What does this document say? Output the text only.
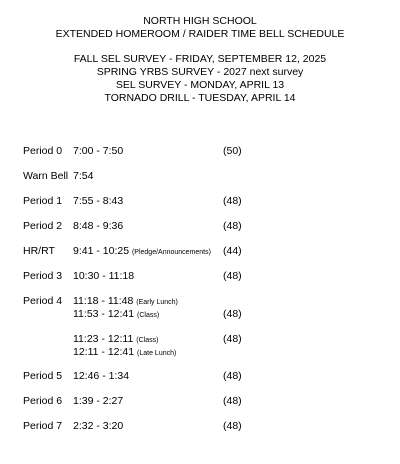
NORTH HIGH SCHOOL
EXTENDED HOMEROOM / RAIDER TIME BELL SCHEDULE
FALL SEL SURVEY - FRIDAY, SEPTEMBER 12, 2025
SPRING YRBS SURVEY - 2027 next survey
SEL SURVEY - MONDAY, APRIL 13
TORNADO DRILL - TUESDAY, APRIL 14
Period 0 7:00 - 7:50	(50)
Warn Bell 7:54
Period 1 7:55 - 8:43	(48)
Period 2 8:48 - 9:36	(48)
HR/RT 9:41 - 10:25 (Pledge/Announcements) (44)
Period 3 10:30 - 11:18	(48)
Period 4 11:18 - 11:48 (Early Lunch)
11:53 - 12:41 (Class)	(48)
11:23 - 12:11 (Class)	(48)
12:11 - 12:41 (Late Lunch)
Period 5 12:46 - 1:34	(48)
Period 6 1:39 - 2:27	(48)
Period 7 2:32 - 3:20	(48)
